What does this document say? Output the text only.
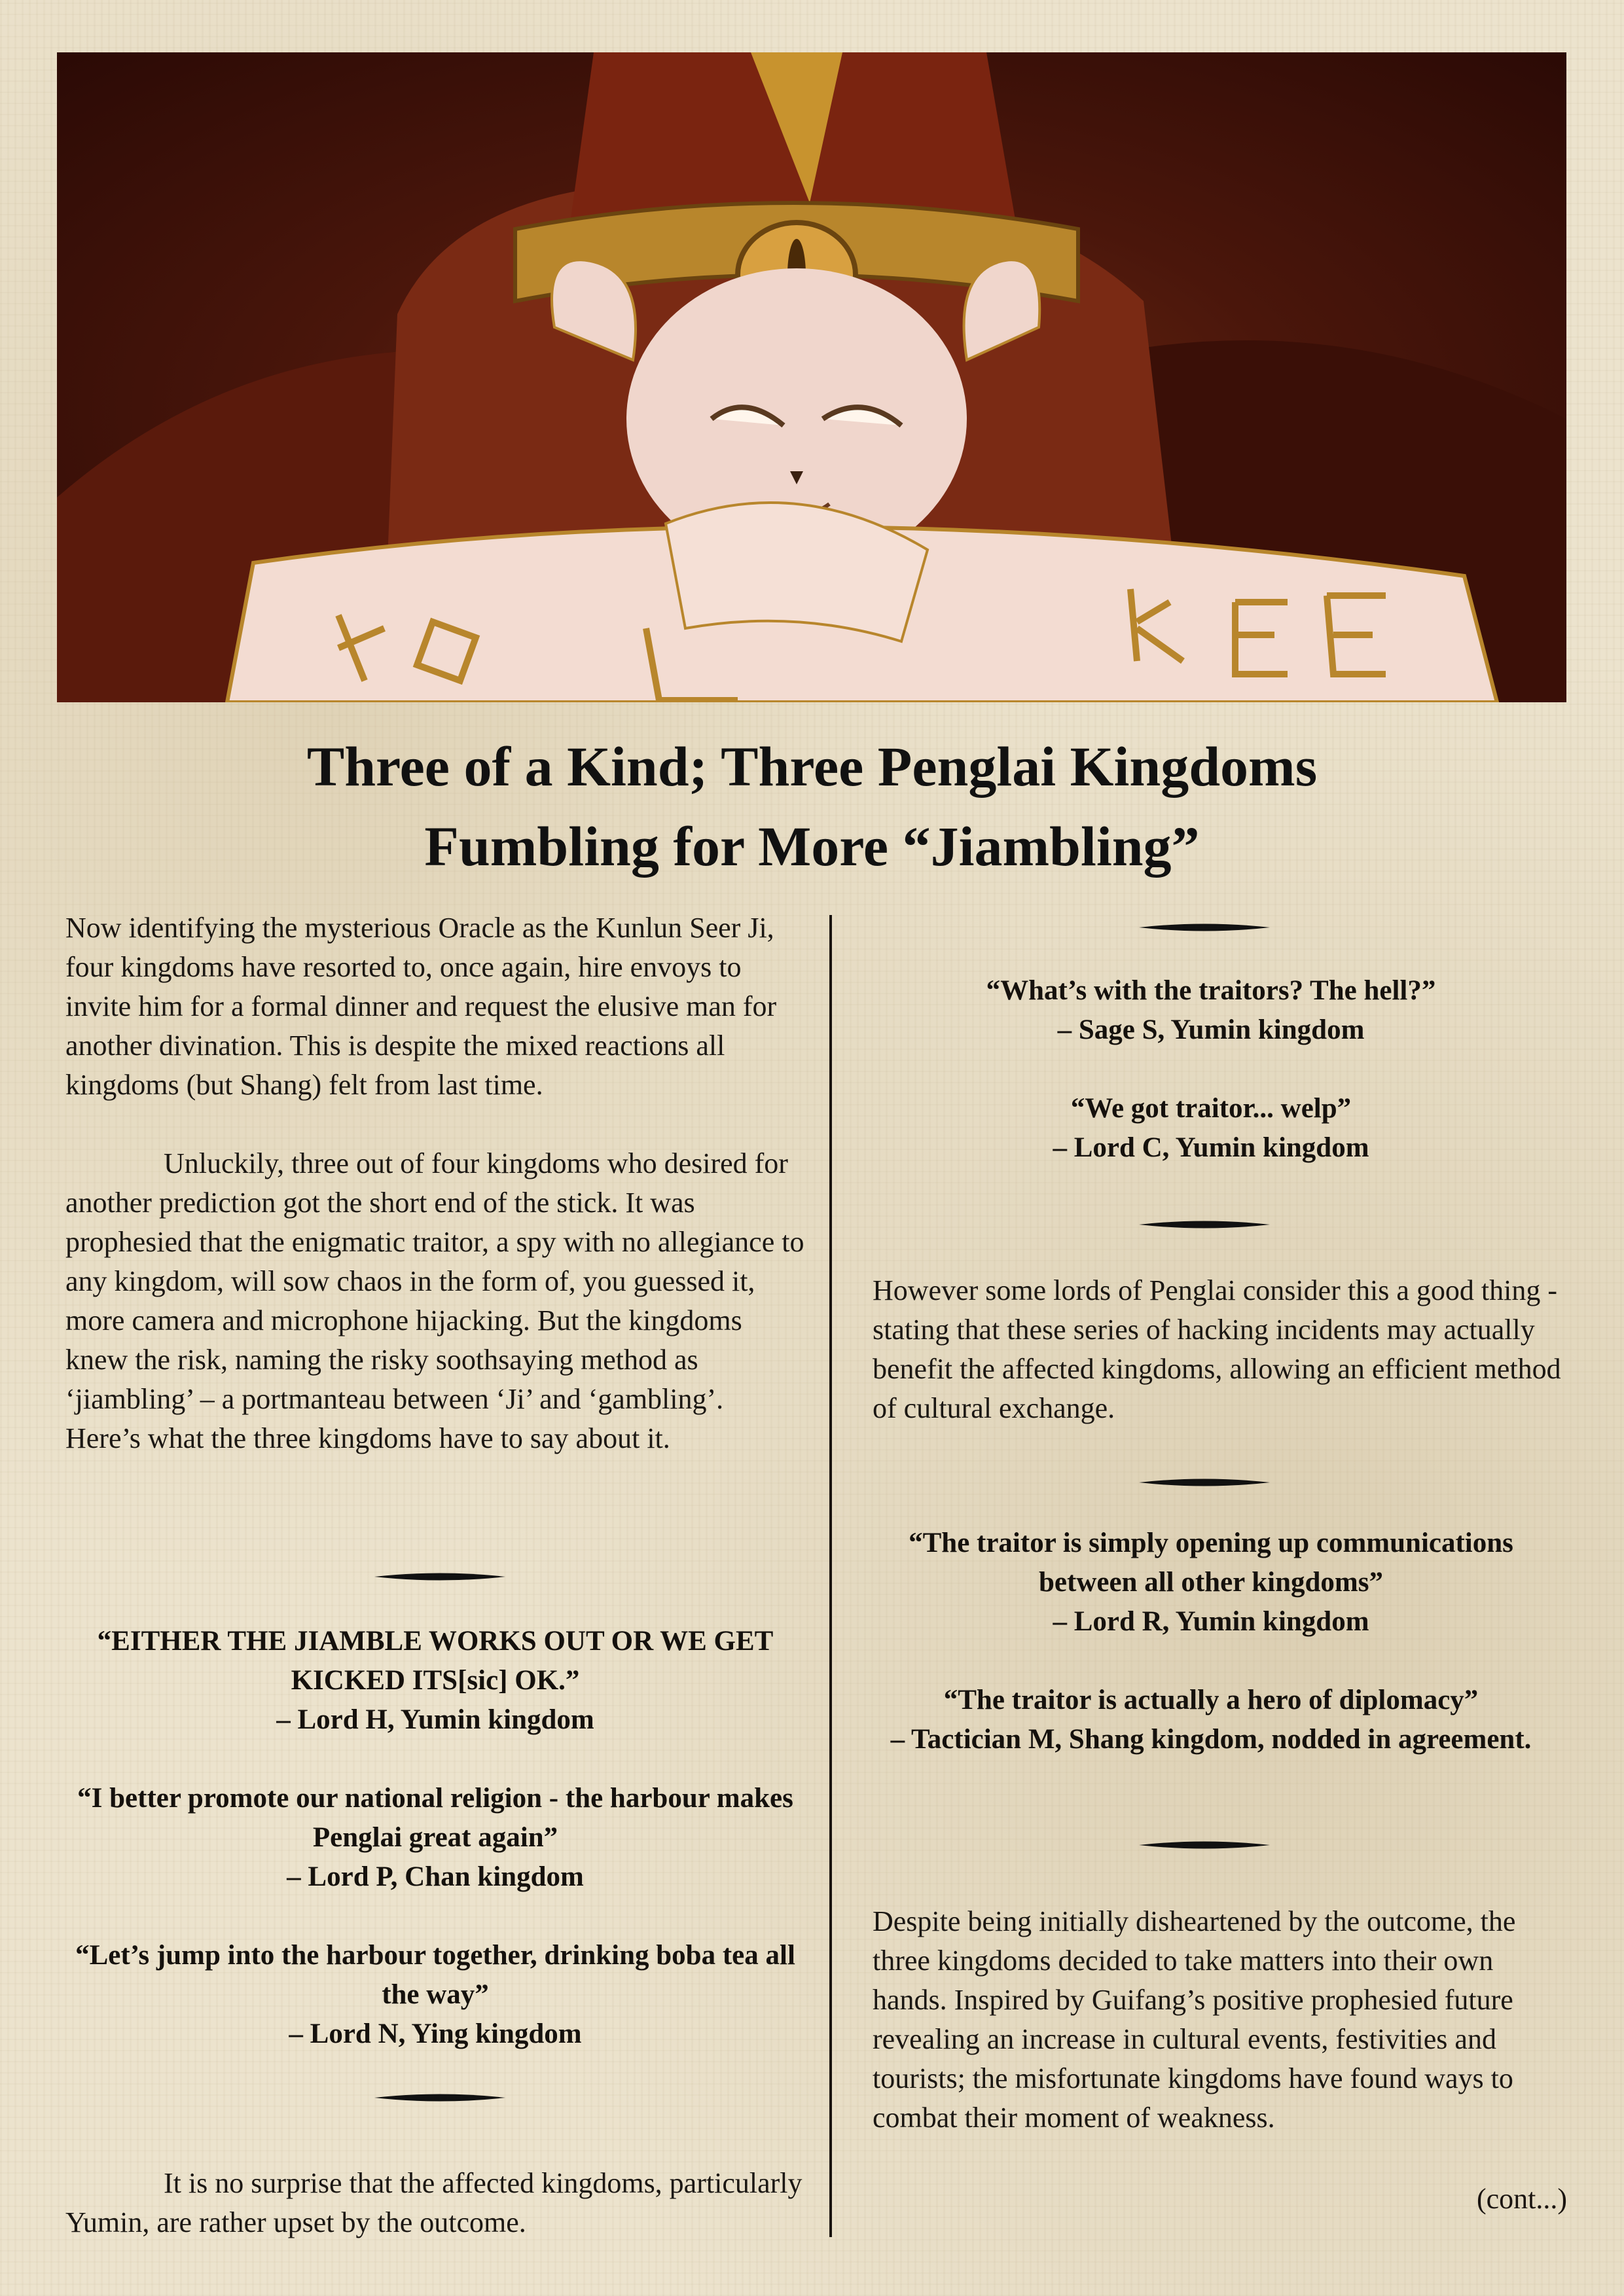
Three of a Kind; Three Penglai Kingdoms
Fumbling for More “Jiambling”

Now identifying the mysterious Oracle as the Kunlun Seer Ji, four kingdoms have resorted to, once again, hire envoys to invite him for a formal dinner and request the elusive man for another divination. This is despite the mixed reactions all kingdoms (but Shang) felt from last time.

Unluckily, three out of four kingdoms who desired for another prediction got the short end of the stick. It was prophesied that the enigmatic traitor, a spy with no allegiance to any kingdom, will sow chaos in the form of, you guessed it, more camera and microphone hijacking. But the kingdoms knew the risk, naming the risky soothsaying method as ‘jiambling’ – a portmanteau between ‘Ji’ and ‘gambling’. Here’s what the three kingdoms have to say about it.

“EITHER THE JIAMBLE WORKS OUT OR WE GET KICKED ITS[sic] OK.”
– Lord H, Yumin kingdom
“I better promote our national religion - the harbour makes Penglai great again”
– Lord P, Chan kingdom
“Let’s jump into the harbour together, drinking boba tea all the way”
– Lord N, Ying kingdom

It is no surprise that the affected kingdoms, particularly Yumin, are rather upset by the outcome.

“What’s with the traitors? The hell?”
– Sage S, Yumin kingdom
“We got traitor... welp”
– Lord C, Yumin kingdom

However some lords of Penglai consider this a good thing - stating that these series of hacking incidents may actually benefit the affected kingdoms, allowing an efficient method of cultural exchange.

“The traitor is simply opening up communications between all other kingdoms”
– Lord R, Yumin kingdom
“The traitor is actually a hero of diplomacy”
– Tactician M, Shang kingdom, nodded in agreement.

Despite being initially disheartened by the outcome, the three kingdoms decided to take matters into their own hands. Inspired by Guifang’s positive prophesied future revealing an increase in cultural events, festivities and tourists; the misfortunate kingdoms have found ways to combat their moment of weakness.

(cont...)
